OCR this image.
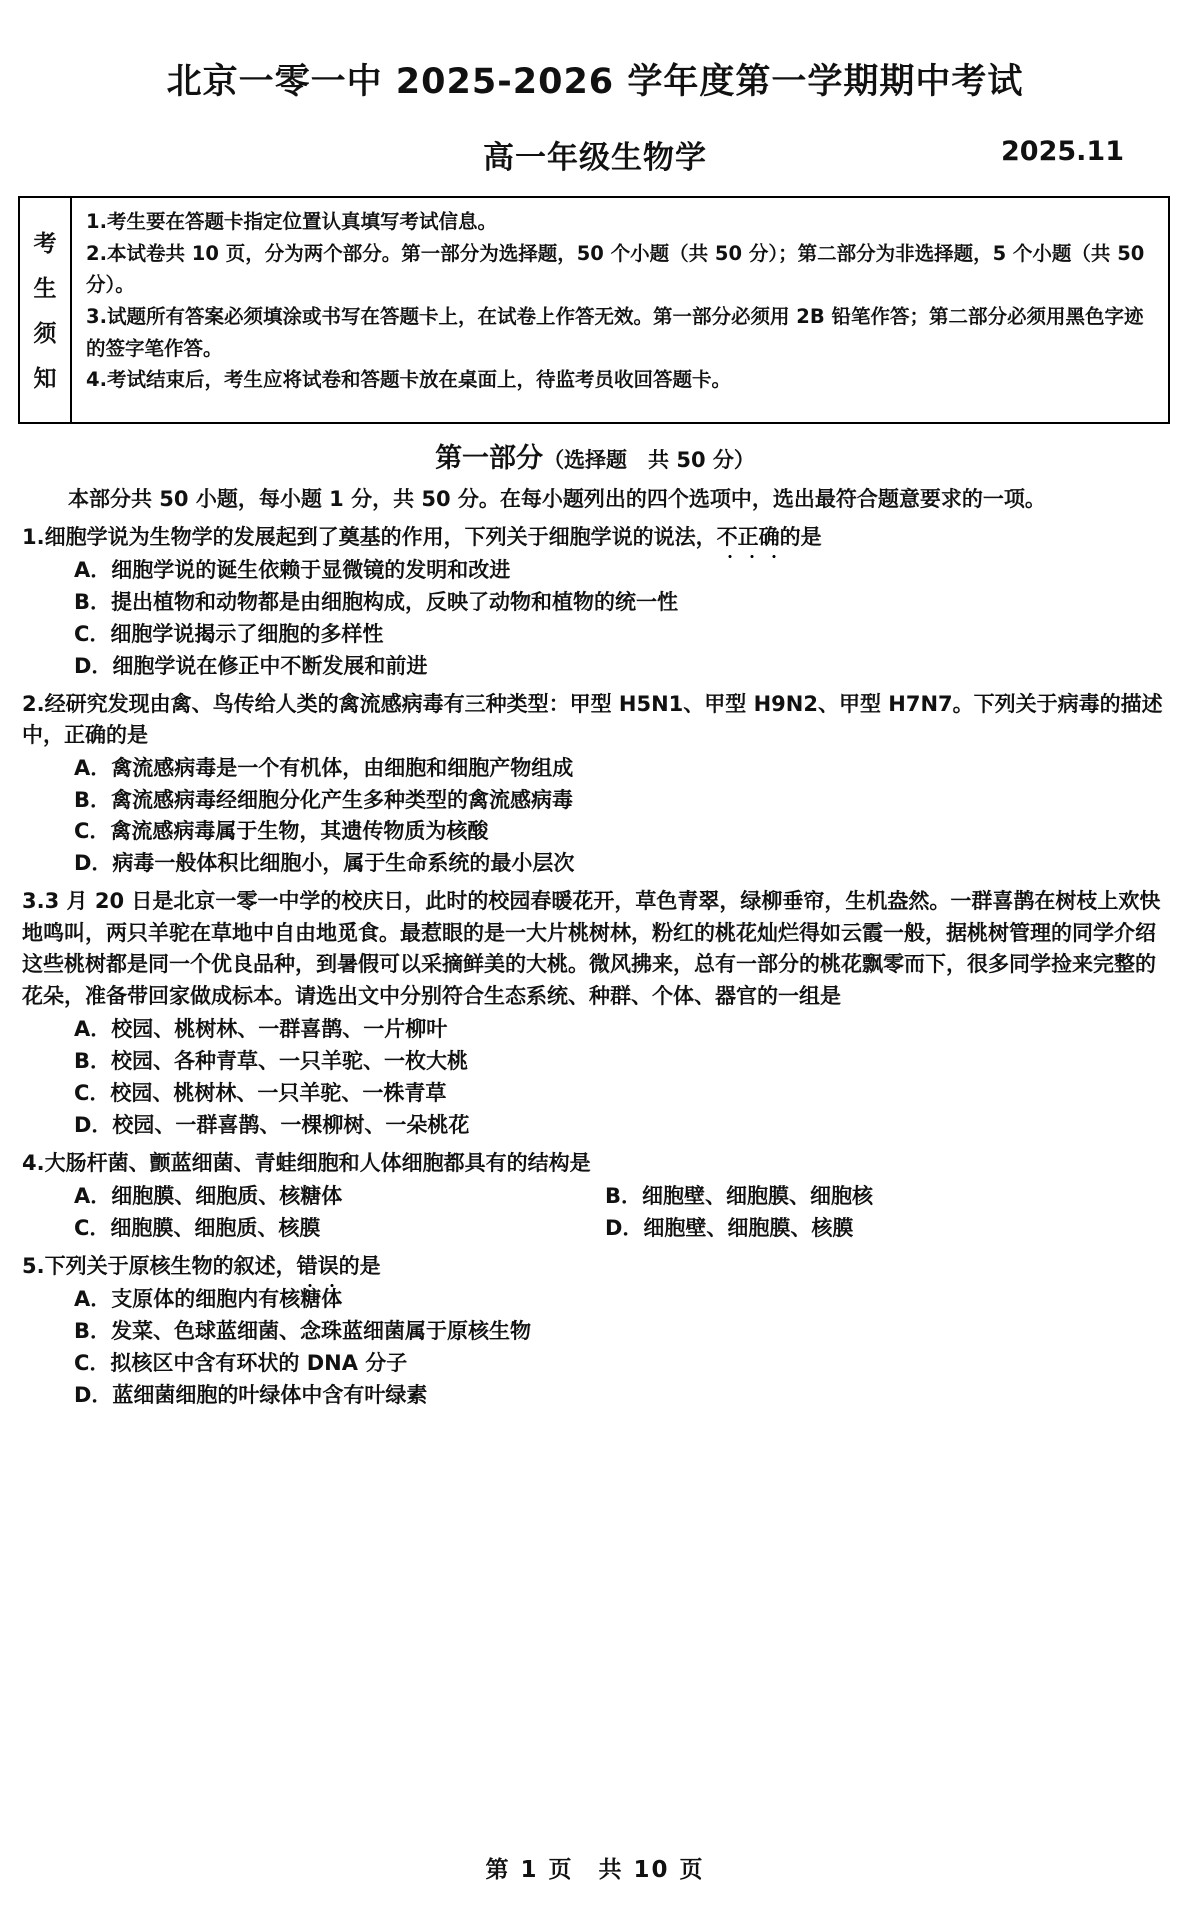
北京一零一中 2025-2026 学年度第一学期期中考试
高一年级生物学	2025.11
考
生
须
知
1.考生要在答题卡指定位置认真填写考试信息。
2.本试卷共 10 页，分为两个部分。第一部分为选择题，50 个小题（共 50 分）；第二部分为非选择题，5 个小题（共 50 分）。
3.试题所有答案必须填涂或书写在答题卡上，在试卷上作答无效。第一部分必须用 2B 铅笔作答；第二部分必须用黑色字迹的签字笔作答。
4.考试结束后，考生应将试卷和答题卡放在桌面上，待监考员收回答题卡。
第一部分（选择题　共 50 分）
本部分共 50 小题，每小题 1 分，共 50 分。在每小题列出的四个选项中，选出最符合题意要求的一项。
1.细胞学说为生物学的发展起到了奠基的作用，下列关于细胞学说的说法，不正确的是
A．细胞学说的诞生依赖于显微镜的发明和改进
B．提出植物和动物都是由细胞构成，反映了动物和植物的统一性
C．细胞学说揭示了细胞的多样性
D．细胞学说在修正中不断发展和前进
2.经研究发现由禽、鸟传给人类的禽流感病毒有三种类型：甲型 H5N1、甲型 H9N2、甲型 H7N7。下列关于病毒的描述中，正确的是
A．禽流感病毒是一个有机体，由细胞和细胞产物组成
B．禽流感病毒经细胞分化产生多种类型的禽流感病毒
C．禽流感病毒属于生物，其遗传物质为核酸
D．病毒一般体积比细胞小，属于生命系统的最小层次
3.3 月 20 日是北京一零一中学的校庆日，此时的校园春暖花开，草色青翠，绿柳垂帘，生机盎然。一群喜鹊在树枝上欢快地鸣叫，两只羊驼在草地中自由地觅食。最惹眼的是一大片桃树林，粉红的桃花灿烂得如云霞一般，据桃树管理的同学介绍这些桃树都是同一个优良品种，到暑假可以采摘鲜美的大桃。微风拂来，总有一部分的桃花飘零而下，很多同学捡来完整的花朵，准备带回家做成标本。请选出文中分别符合生态系统、种群、个体、器官的一组是
A．校园、桃树林、一群喜鹊、一片柳叶
B．校园、各种青草、一只羊驼、一枚大桃
C．校园、桃树林、一只羊驼、一株青草
D．校园、一群喜鹊、一棵柳树、一朵桃花
4.大肠杆菌、颤蓝细菌、青蛙细胞和人体细胞都具有的结构是
A．细胞膜、细胞质、核糖体	B．细胞壁、细胞膜、细胞核
C．细胞膜、细胞质、核膜	D．细胞壁、细胞膜、核膜
5.下列关于原核生物的叙述，错误的是
A．支原体的细胞内有核糖体
B．发菜、色球蓝细菌、念珠蓝细菌属于原核生物
C．拟核区中含有环状的 DNA 分子
D．蓝细菌细胞的叶绿体中含有叶绿素
第 1 页　共 10 页
